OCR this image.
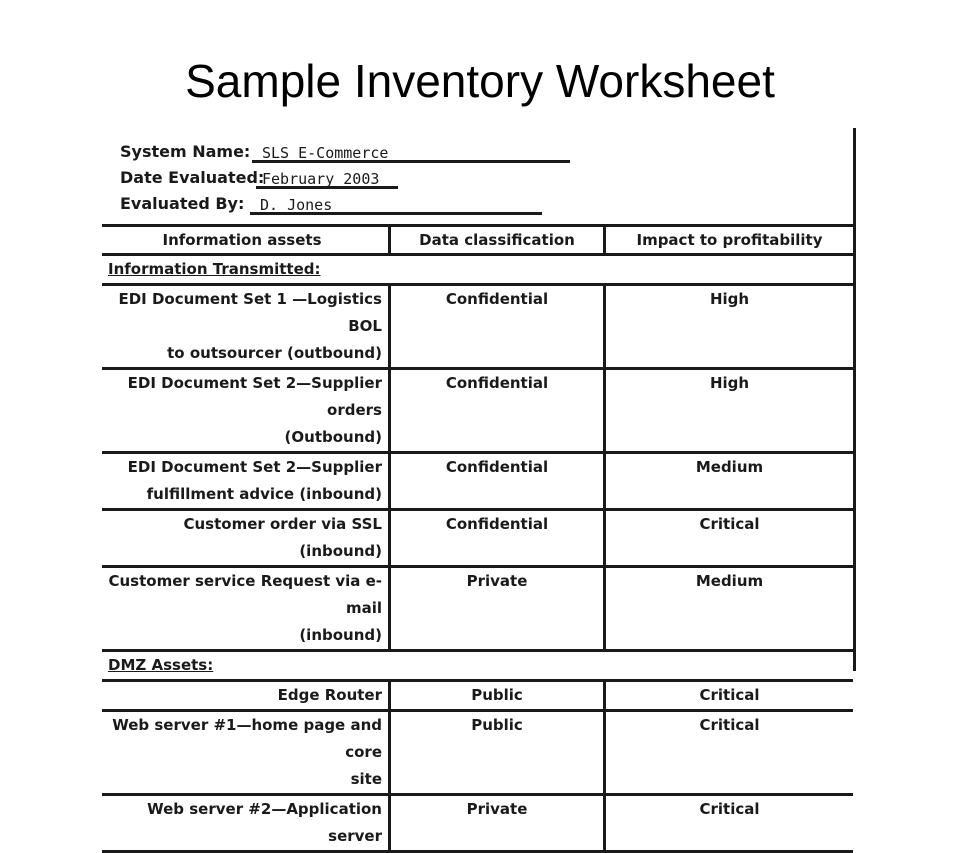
Sample Inventory Worksheet
System Name: SLS E-Commerce
Date Evaluated:
February 2003
Evaluated By: D. Jones
Information assets	Data classification	Impact to profitability
Information Transmitted:		

EDI Document Set 1 —Logistics BOL
to outsourcer (outbound)	Confidential	High

EDI Document Set 2—Supplier orders
(Outbound)	Confidential	High

EDI Document Set 2—Supplier
fulfillment advice (inbound)	Confidential	Medium

Customer order via SSL (inbound)	Confidential	Critical

Customer service Request via e-mail
(inbound)	Private	Medium
DMZ Assets:		

Edge Router	Public	Critical

Web server #1—home page and core
site	Public	Critical

Web server #2—Application server	Private	Critical
